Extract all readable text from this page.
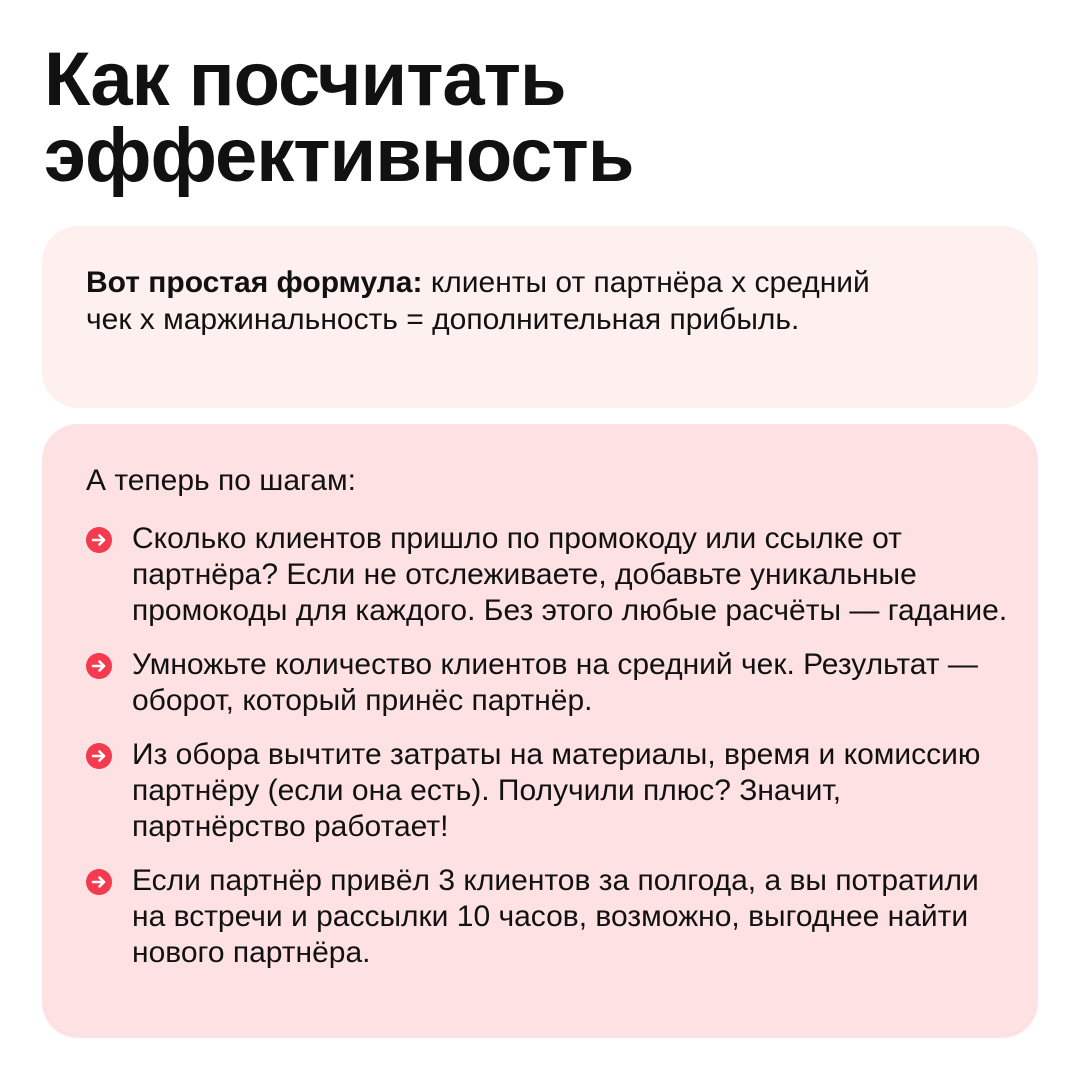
Как посчитать
эффективность

Вот простая формула: клиенты от партнёра х средний чек х маржинальность = дополнительная прибыль.

А теперь по шагам:

Сколько клиентов пришло по промокоду или ссылке от партнёра? Если не отслеживаете, добавьте уникальные промокоды для каждого. Без этого любые расчёты — гадание.
Умножьте количество клиентов на средний чек. Результат — оборот, который принёс партнёр.
Из обора вычтите затраты на материалы, время и комиссию партнёру (если она есть). Получили плюс? Значит, партнёрство работает!
Если партнёр привёл 3 клиентов за полгода, а вы потратили на встречи и рассылки 10 часов, возможно, выгоднее найти нового партнёра.
